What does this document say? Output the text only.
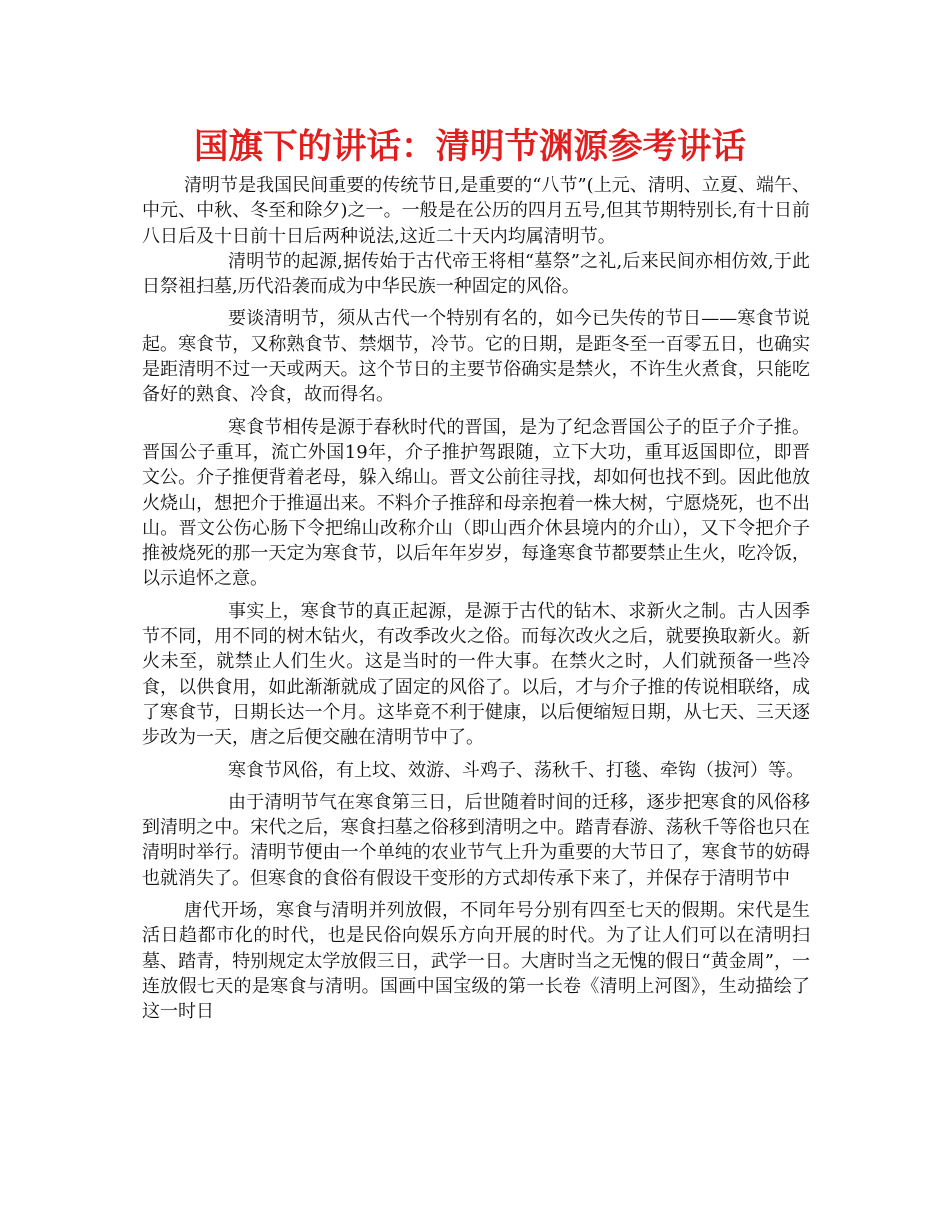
国旗下的讲话：清明节渊源参考讲话

清明节是我国民间重要的传统节日,是重要的“八节”(上元、清明、立夏、端午、中元、中秋、冬至和除夕)之一。一般是在公历的四月五号,但其节期特别长,有十日前八日后及十日前十日后两种说法,这近二十天内均属清明节。

清明节的起源,据传始于古代帝王将相“墓祭”之礼,后来民间亦相仿效,于此日祭祖扫墓,历代沿袭而成为中华民族一种固定的风俗。

要谈清明节，须从古代一个特别有名的，如今已失传的节日——寒食节说起。寒食节，又称熟食节、禁烟节，冷节。它的日期，是距冬至一百零五日，也确实是距清明不过一天或两天。这个节日的主要节俗确实是禁火，不许生火煮食，只能吃备好的熟食、冷食，故而得名。

寒食节相传是源于春秋时代的晋国，是为了纪念晋国公子的臣子介子推。晋国公子重耳，流亡外国19年，介子推护驾跟随，立下大功，重耳返国即位，即晋文公。介子推便背着老母，躲入绵山。晋文公前往寻找，却如何也找不到。因此他放火烧山，想把介于推逼出来。不料介子推辞和母亲抱着一株大树，宁愿烧死，也不出山。晋文公伤心肠下令把绵山改称介山（即山西介休县境内的介山），又下令把介子推被烧死的那一天定为寒食节，以后年年岁岁，每逢寒食节都要禁止生火，吃冷饭，以示追怀之意。

事实上，寒食节的真正起源，是源于古代的钻木、求新火之制。古人因季节不同，用不同的树木钻火，有改季改火之俗。而每次改火之后，就要换取新火。新火未至，就禁止人们生火。这是当时的一件大事。在禁火之时，人们就预备一些冷食，以供食用，如此渐渐就成了固定的风俗了。以后，才与介子推的传说相联络，成了寒食节，日期长达一个月。这毕竟不利于健康，以后便缩短日期，从七天、三天逐步改为一天，唐之后便交融在清明节中了。

寒食节风俗，有上坟、效游、斗鸡子、荡秋千、打毯、牵钩（拔河）等。

由于清明节气在寒食第三日，后世随着时间的迁移，逐步把寒食的风俗移到清明之中。宋代之后，寒食扫墓之俗移到清明之中。踏青春游、荡秋千等俗也只在清明时举行。清明节便由一个单纯的农业节气上升为重要的大节日了，寒食节的妨碍也就消失了。但寒食的食俗有假设干变形的方式却传承下来了，并保存于清明节中

唐代开场，寒食与清明并列放假，不同年号分别有四至七天的假期。宋代是生活日趋都市化的时代，也是民俗向娱乐方向开展的时代。为了让人们可以在清明扫墓、踏青，特别规定太学放假三日，武学一日。大唐时当之无愧的假日“黄金周”，一连放假七天的是寒食与清明。国画中国宝级的第一长卷《清明上河图》，生动描绘了这一时日
